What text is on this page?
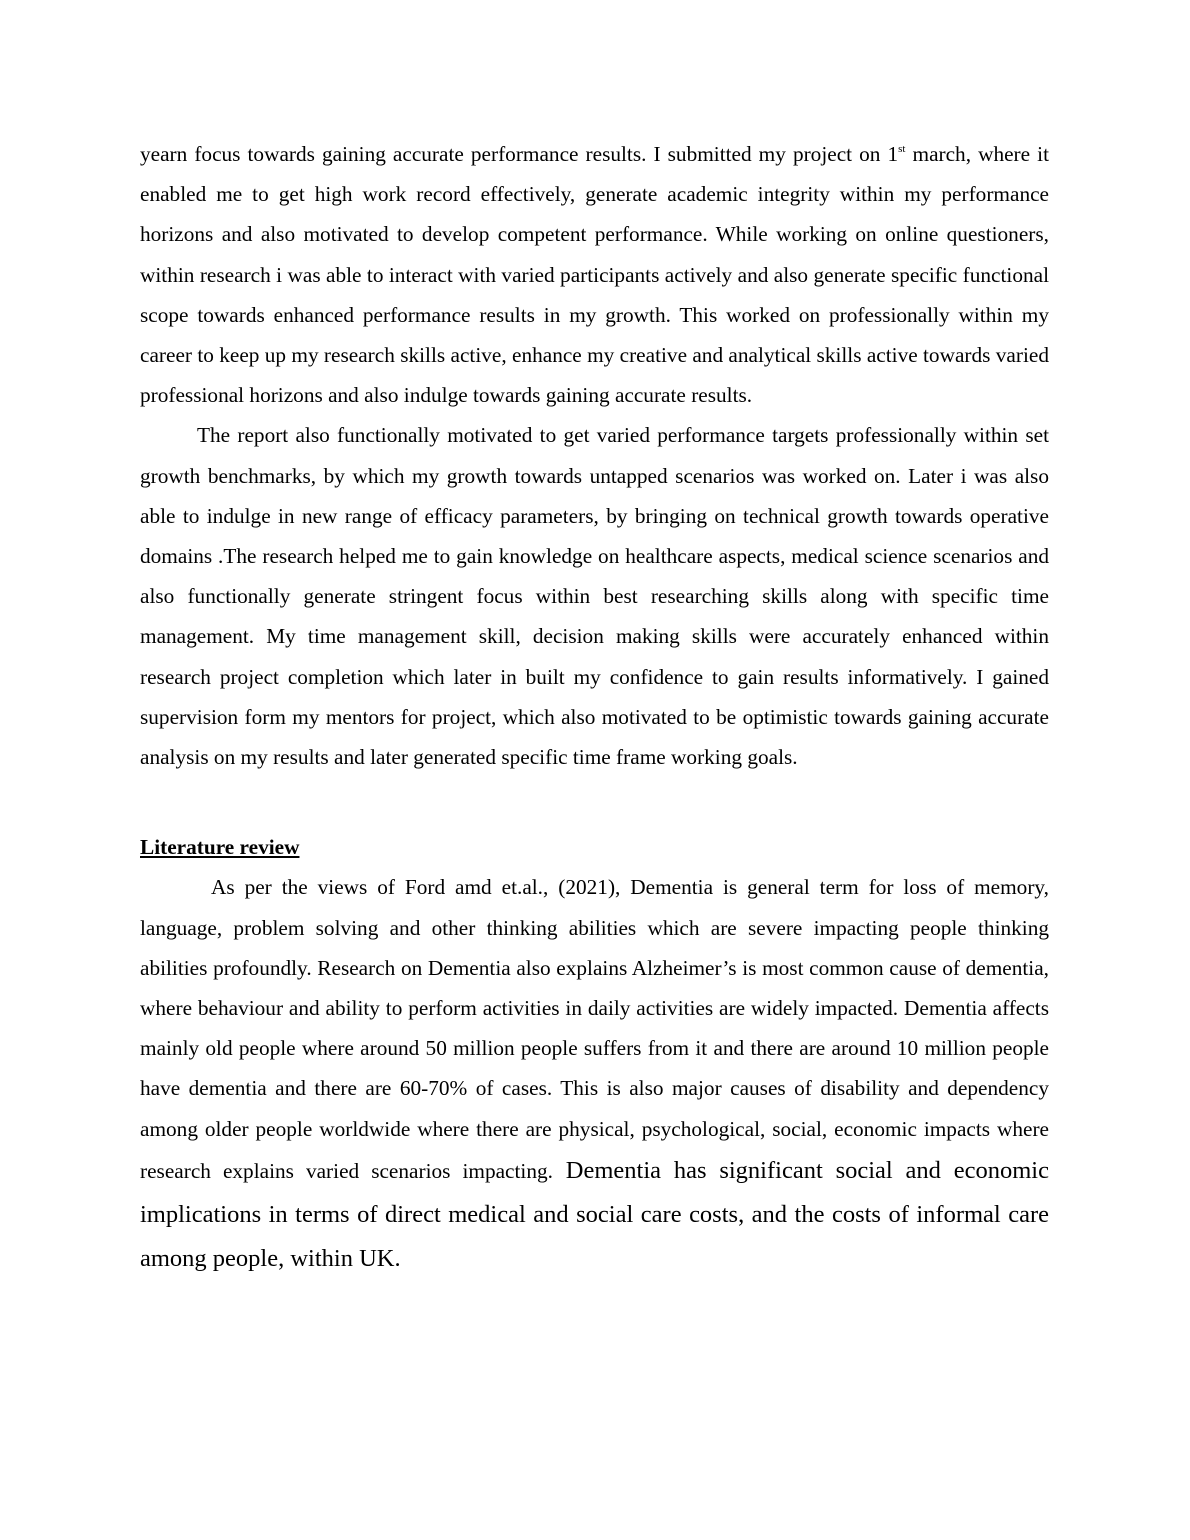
yearn focus towards gaining accurate performance results. I submitted my project on 1st march, where it enabled me to get high work record effectively, generate academic integrity within my performance horizons and also motivated to develop competent performance. While working on online questioners, within research i was able to interact with varied participants actively and also generate specific functional scope towards enhanced performance results in my growth. This worked on professionally within my career to keep up my research skills active, enhance my creative and analytical skills active towards varied professional horizons and also indulge towards gaining accurate results.

The report also functionally motivated to get varied performance targets professionally within set growth benchmarks, by which my growth towards untapped scenarios was worked on. Later i was also able to indulge in new range of efficacy parameters, by bringing on technical growth towards operative domains .The research helped me to gain knowledge on healthcare aspects, medical science scenarios and also functionally generate stringent focus within best researching skills along with specific time management. My time management skill, decision making skills were accurately enhanced within research project completion which later in built my confidence to gain results informatively. I gained supervision form my mentors for project, which also motivated to be optimistic towards gaining accurate analysis on my results and later generated specific time frame working goals.

Literature review

As per the views of Ford amd et.al., (2021), Dementia is general term for loss of memory, language, problem solving and other thinking abilities which are severe impacting people thinking abilities profoundly. Research on Dementia also explains Alzheimer’s is most common cause of dementia, where behaviour and ability to perform activities in daily activities are widely impacted. Dementia affects mainly old people where around 50 million people suffers from it and there are around 10 million people have dementia and there are 60-70% of cases. This is also major causes of disability and dependency among older people worldwide where there are physical, psychological, social, economic impacts where research explains varied scenarios impacting. Dementia has significant social and economic implications in terms of direct medical and social care costs, and the costs of informal care among people, within UK.
